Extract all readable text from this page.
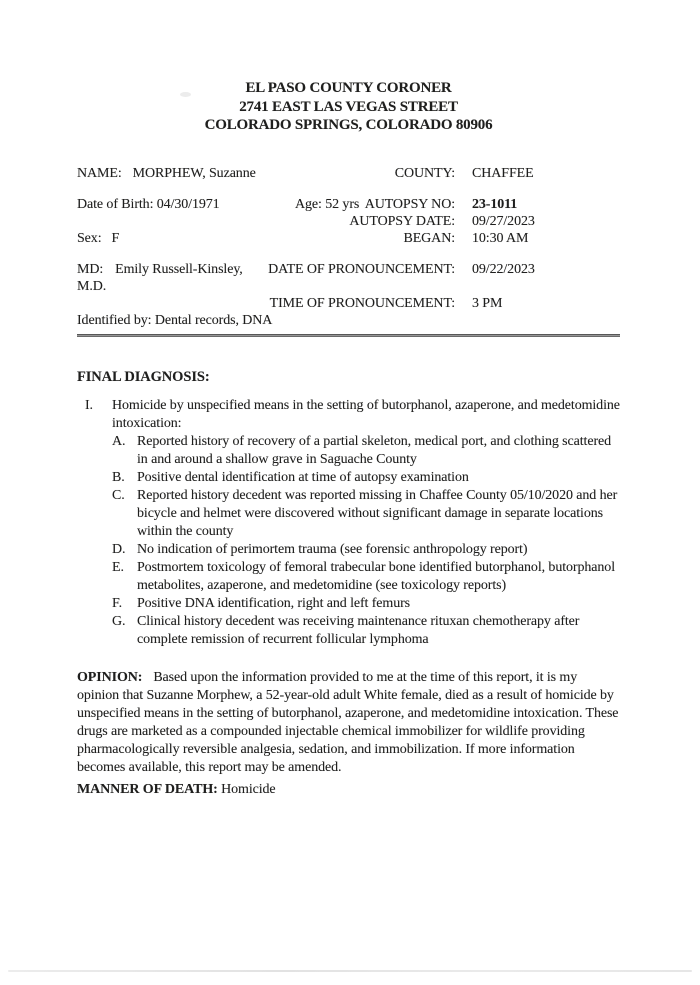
EL PASO COUNTY CORONER
2741 EAST LAS VEGAS STREET
COLORADO SPRINGS, COLORADO 80906
NAME: MORPHEW, Suzanne	COUNTY:	CHAFFEE
Date of Birth: 04/30/1971	Age: 52 yrs AUTOPSY NO:	23-1011
AUTOPSY DATE:	09/27/2023
Sex: F	BEGAN:	10:30 AM
MD: Emily Russell-Kinsley, M.D.
DATE OF PRONOUNCEMENT:	09/22/2023
TIME OF PRONOUNCEMENT:	3 PM
Identified by: Dental records, DNA
FINAL DIAGNOSIS:
I.	Homicide by unspecified means in the setting of butorphanol, azaperone, and medetomidine intoxication:
A. Reported history of recovery of a partial skeleton, medical port, and clothing scattered in and around a shallow grave in Saguache County
B. Positive dental identification at time of autopsy examination
C. Reported history decedent was reported missing in Chaffee County 05/10/2020 and her bicycle and helmet were discovered without significant damage in separate locations within the county
D. No indication of perimortem trauma (see forensic anthropology report)
E. Postmortem toxicology of femoral trabecular bone identified butorphanol, butorphanol metabolites, azaperone, and medetomidine (see toxicology reports)
F.	Positive DNA identification, right and left femurs
G. Clinical history decedent was receiving maintenance rituxan chemotherapy after complete remission of recurrent follicular lymphoma

OPINION: Based upon the information provided to me at the time of this report, it is my opinion that Suzanne Morphew, a 52-year-old adult White female, died as a result of homicide by unspecified means in the setting of butorphanol, azaperone, and medetomidine intoxication. These drugs are marketed as a compounded injectable chemical immobilizer for wildlife providing pharmacologically reversible analgesia, sedation, and immobilization. If more information becomes available, this report may be amended.

MANNER OF DEATH: Homicide
